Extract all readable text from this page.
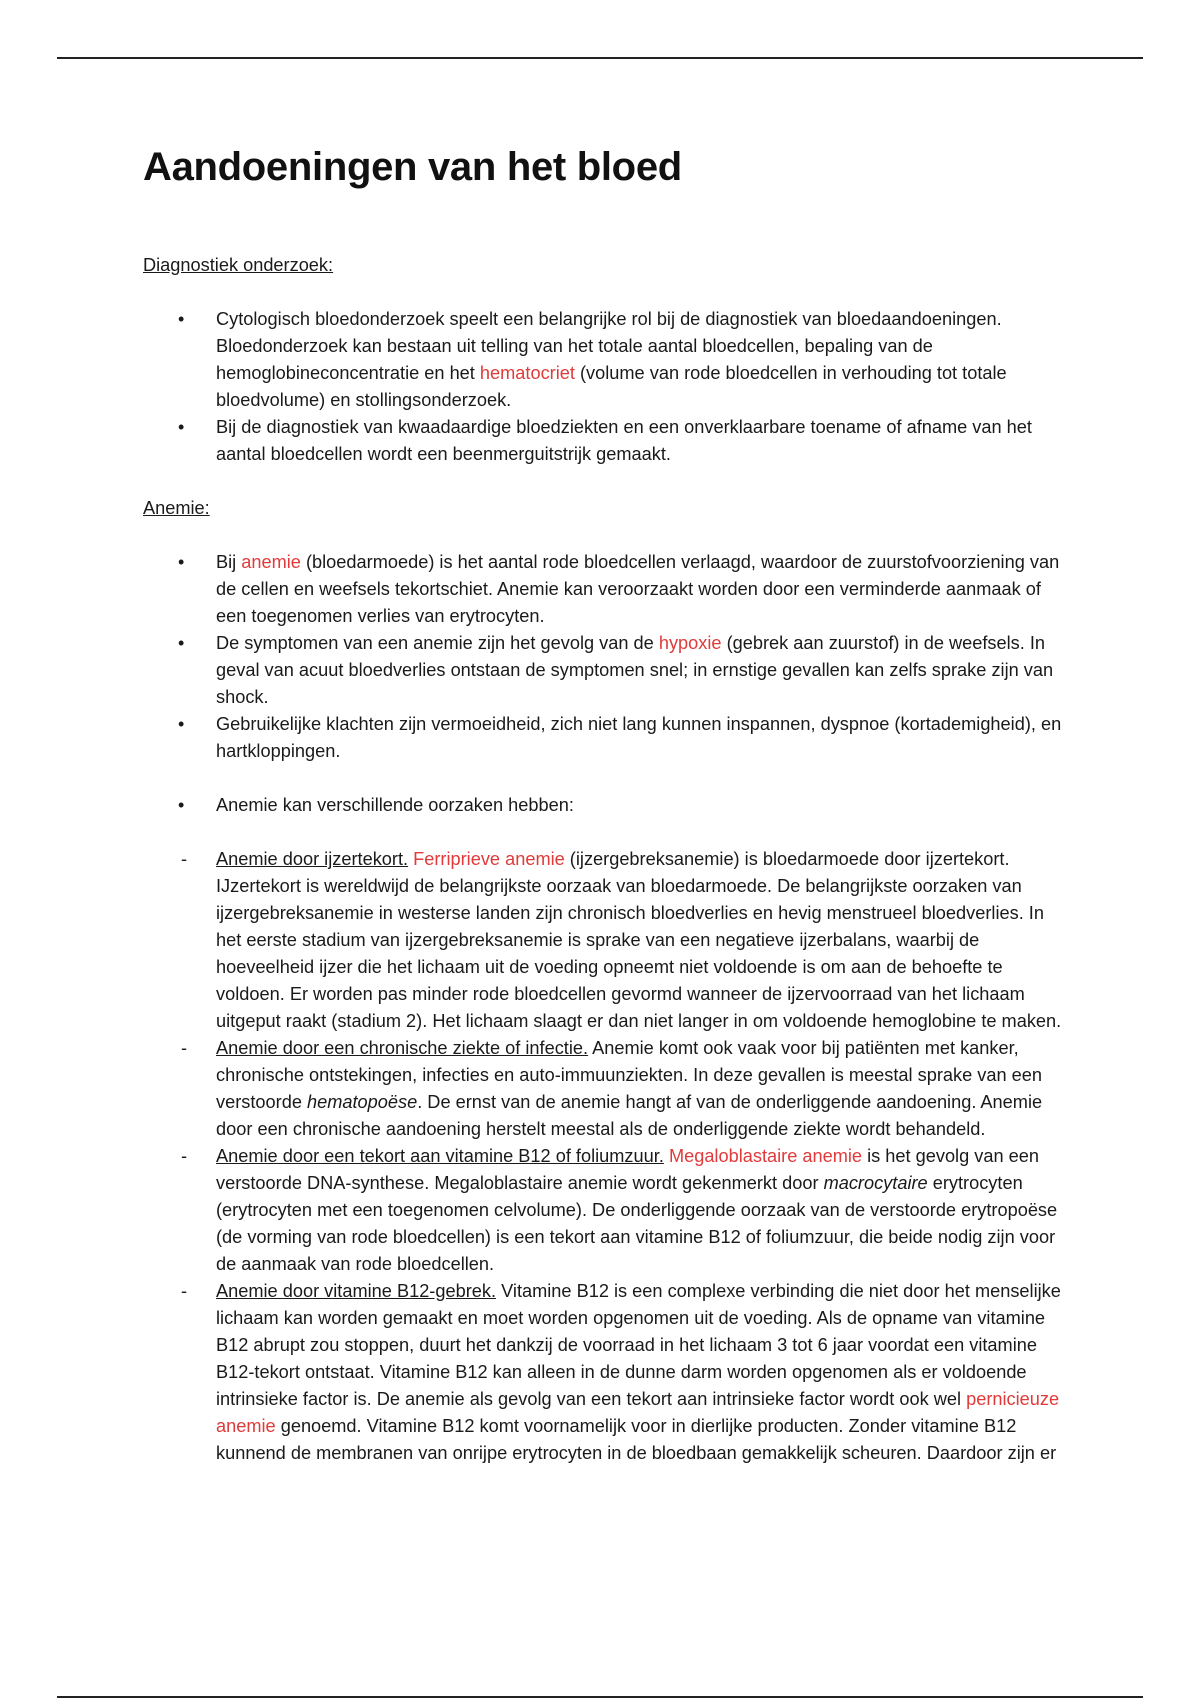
Aandoeningen van het bloed

Diagnostiek onderzoek:

• Cytologisch bloedonderzoek speelt een belangrijke rol bij de diagnostiek van bloedaandoeningen. Bloedonderzoek kan bestaan uit telling van het totale aantal bloedcellen, bepaling van de hemoglobineconcentratie en het hematocriet (volume van rode bloedcellen in verhouding tot totale bloedvolume) en stollingsonderzoek.
• Bij de diagnostiek van kwaadaardige bloedziekten en een onverklaarbare toename of afname van het aantal bloedcellen wordt een beenmerguitstrijk gemaakt.

Anemie:

• Bij anemie (bloedarmoede) is het aantal rode bloedcellen verlaagd, waardoor de zuurstofvoorziening van de cellen en weefsels tekortschiet. Anemie kan veroorzaakt worden door een verminderde aanmaak of een toegenomen verlies van erytrocyten.
• De symptomen van een anemie zijn het gevolg van de hypoxie (gebrek aan zuurstof) in de weefsels. In geval van acuut bloedverlies ontstaan de symptomen snel; in ernstige gevallen kan zelfs sprake zijn van shock.
• Gebruikelijke klachten zijn vermoeidheid, zich niet lang kunnen inspannen, dyspnoe (kortademigheid), en hartkloppingen.
• Anemie kan verschillende oorzaken hebben:
- Anemie door ijzertekort. Ferriprieve anemie (ijzergebreksanemie) is bloedarmoede door ijzertekort. IJzertekort is wereldwijd de belangrijkste oorzaak van bloedarmoede. De belangrijkste oorzaken van ijzergebreksanemie in westerse landen zijn chronisch bloedverlies en hevig menstrueel bloedverlies. In het eerste stadium van ijzergebreksanemie is sprake van een negatieve ijzerbalans, waarbij de hoeveelheid ijzer die het lichaam uit de voeding opneemt niet voldoende is om aan de behoefte te voldoen. Er worden pas minder rode bloedcellen gevormd wanneer de ijzervoorraad van het lichaam uitgeput raakt (stadium 2). Het lichaam slaagt er dan niet langer in om voldoende hemoglobine te maken.
- Anemie door een chronische ziekte of infectie. Anemie komt ook vaak voor bij patiënten met kanker, chronische ontstekingen, infecties en auto-immuunziekten. In deze gevallen is meestal sprake van een verstoorde hematopoëse. De ernst van de anemie hangt af van de onderliggende aandoening. Anemie door een chronische aandoening herstelt meestal als de onderliggende ziekte wordt behandeld.
- Anemie door een tekort aan vitamine B12 of foliumzuur. Megaloblastaire anemie is het gevolg van een verstoorde DNA-synthese. Megaloblastaire anemie wordt gekenmerkt door macrocytaire erytrocyten (erytrocyten met een toegenomen celvolume). De onderliggende oorzaak van de verstoorde erytropoëse (de vorming van rode bloedcellen) is een tekort aan vitamine B12 of foliumzuur, die beide nodig zijn voor de aanmaak van rode bloedcellen.
- Anemie door vitamine B12-gebrek. Vitamine B12 is een complexe verbinding die niet door het menselijke lichaam kan worden gemaakt en moet worden opgenomen uit de voeding. Als de opname van vitamine B12 abrupt zou stoppen, duurt het dankzij de voorraad in het lichaam 3 tot 6 jaar voordat een vitamine B12-tekort ontstaat. Vitamine B12 kan alleen in de dunne darm worden opgenomen als er voldoende intrinsieke factor is. De anemie als gevolg van een tekort aan intrinsieke factor wordt ook wel pernicieuze anemie genoemd. Vitamine B12 komt voornamelijk voor in dierlijke producten. Zonder vitamine B12 kunnend de membranen van onrijpe erytrocyten in de bloedbaan gemakkelijk scheuren. Daardoor zijn er
